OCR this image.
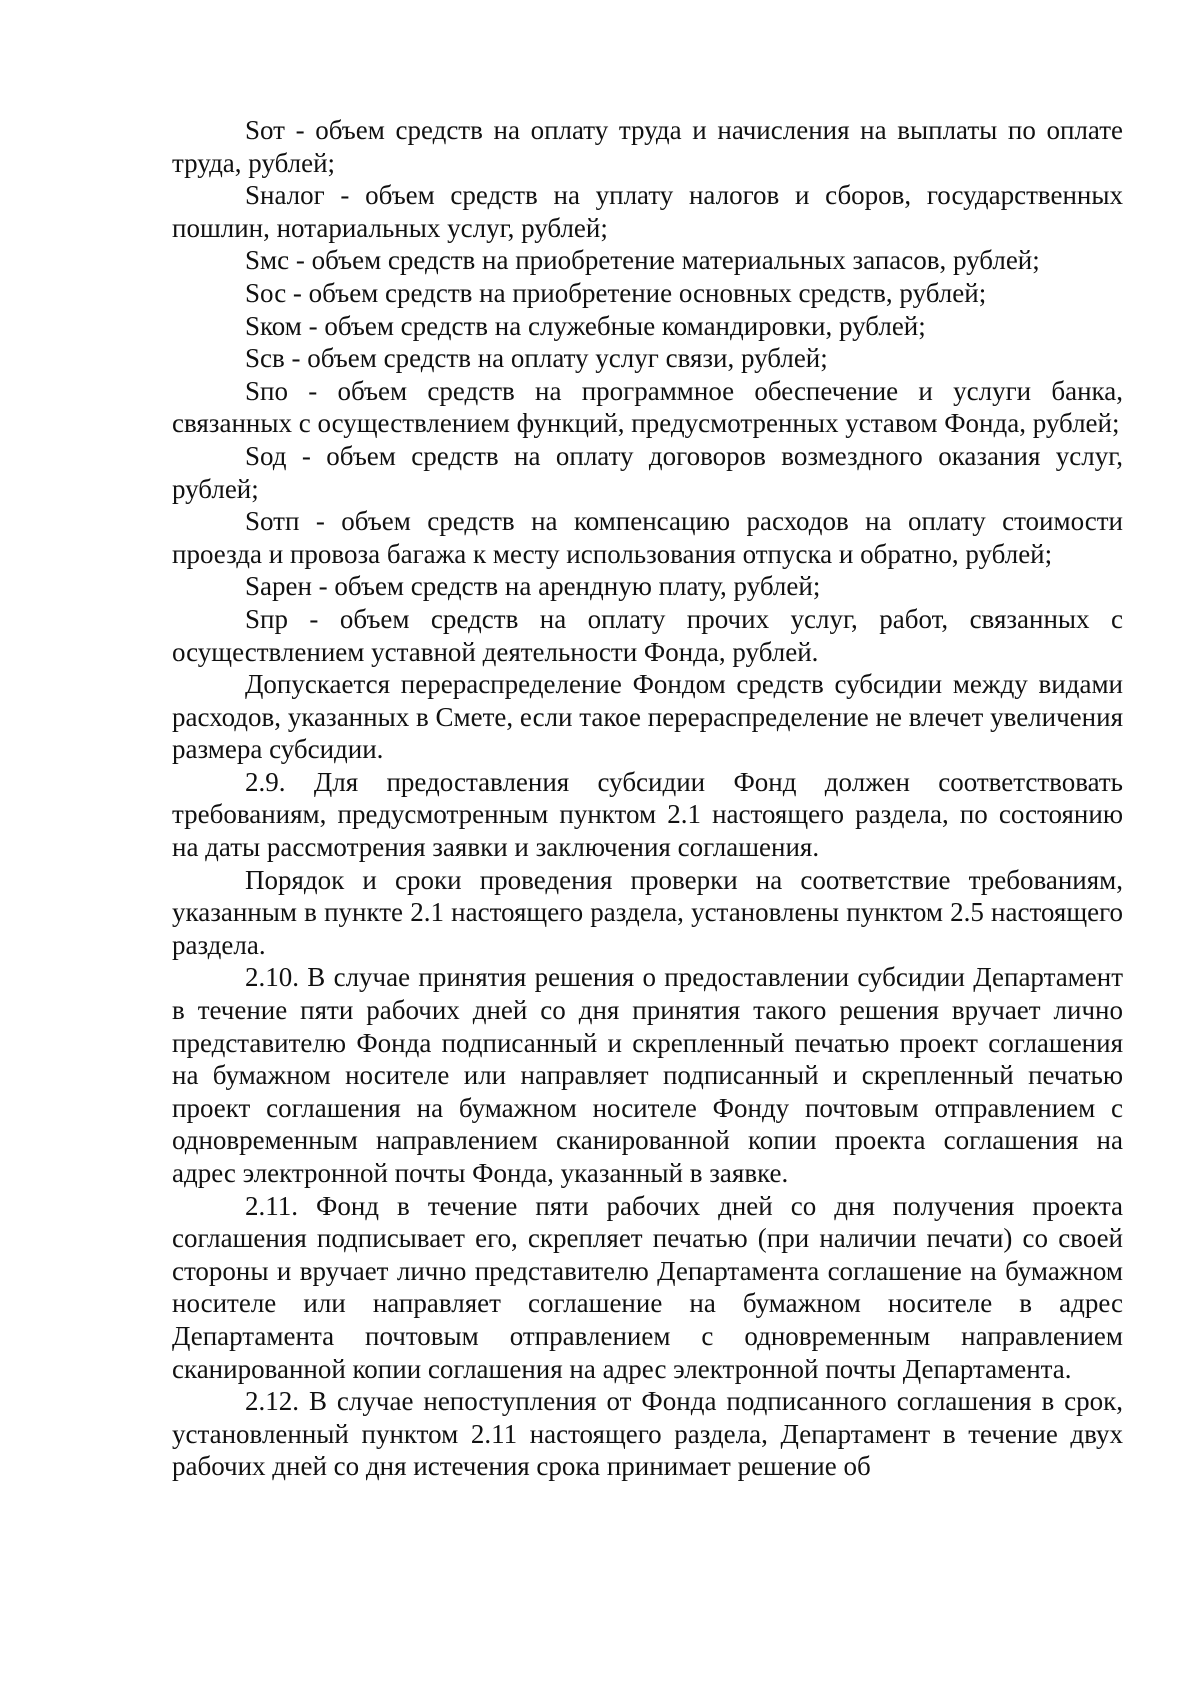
Sот - объем средств на оплату труда и начисления на выплаты по оплате труда, рублей;

Sналог - объем средств на уплату налогов и сборов, государственных пошлин, нотариальных услуг, рублей;

Sмс - объем средств на приобретение материальных запасов, рублей;

Sос - объем средств на приобретение основных средств, рублей;

Sком - объем средств на служебные командировки, рублей;

Sсв - объем средств на оплату услуг связи, рублей;

Sпо - объем средств на программное обеспечение и услуги банка, связанных с осуществлением функций, предусмотренных уставом Фонда, рублей;

Sод - объем средств на оплату договоров возмездного оказания услуг, рублей;

Sотп - объем средств на компенсацию расходов на оплату стоимости проезда и провоза багажа к месту использования отпуска и обратно, рублей;

Sарен - объем средств на арендную плату, рублей;

Sпр - объем средств на оплату прочих услуг, работ, связанных с осуществлением уставной деятельности Фонда, рублей.

Допускается перераспределение Фондом средств субсидии между видами расходов, указанных в Смете, если такое перераспределение не влечет увеличения размера субсидии.

2.9. Для предоставления субсидии Фонд должен соответствовать требованиям, предусмотренным пунктом 2.1 настоящего раздела, по состоянию на даты рассмотрения заявки и заключения соглашения.

Порядок и сроки проведения проверки на соответствие требованиям, указанным в пункте 2.1 настоящего раздела, установлены пунктом 2.5 настоящего раздела.

2.10. В случае принятия решения о предоставлении субсидии Департамент в течение пяти рабочих дней со дня принятия такого решения вручает лично представителю Фонда подписанный и скрепленный печатью проект соглашения на бумажном носителе или направляет подписанный и скрепленный печатью проект соглашения на бумажном носителе Фонду почтовым отправлением с одновременным направлением сканированной копии проекта соглашения на адрес электронной почты Фонда, указанный в заявке.

2.11. Фонд в течение пяти рабочих дней со дня получения проекта соглашения подписывает его, скрепляет печатью (при наличии печати) со своей стороны и вручает лично представителю Департамента соглашение на бумажном носителе или направляет соглашение на бумажном носителе в адрес Департамента почтовым отправлением с одновременным направлением сканированной копии соглашения на адрес электронной почты Департамента.

2.12. В случае непоступления от Фонда подписанного соглашения в срок, установленный пунктом 2.11 настоящего раздела, Департамент в течение двух рабочих дней со дня истечения срока принимает решение об
